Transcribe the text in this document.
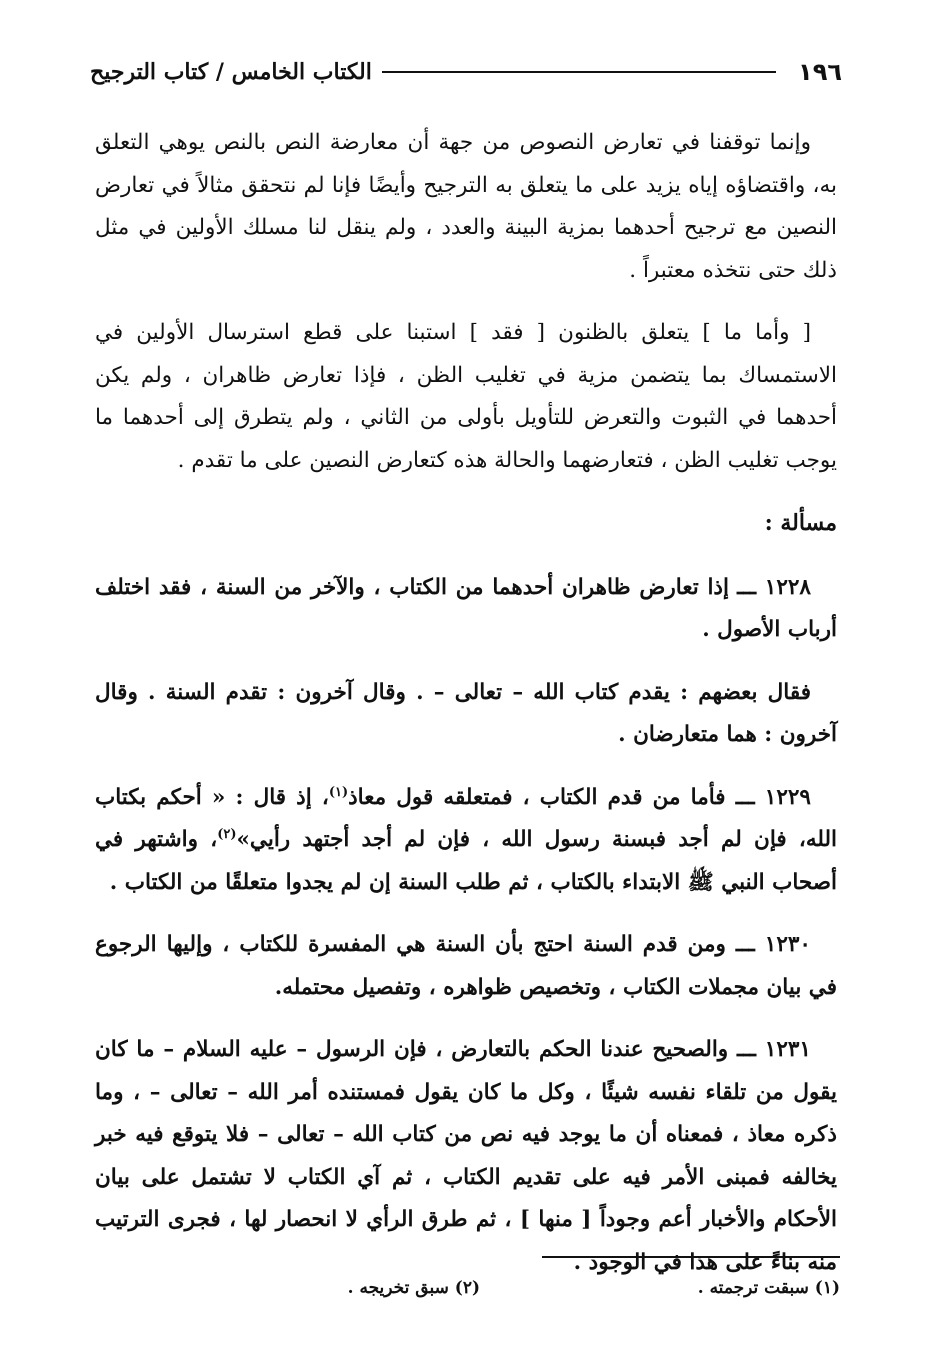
١٩٦
الكتاب الخامس / كتاب الترجيح

وإنما توقفنا في تعارض النصوص من جهة أن معارضة النص بالنص يوهي التعلق به، واقتضاؤه إياه يزيد على ما يتعلق به الترجيح وأيضًا فإنا لم نتحقق مثالاً في تعارض النصين مع ترجيح أحدهما بمزية البينة والعدد ، ولم ينقل لنا مسلك الأولين في مثل ذلك حتى نتخذه معتبراً .

[ وأما ما ] يتعلق بالظنون [ فقد ] استبنا على قطع استرسال الأولين في الاستمساك بما يتضمن مزية في تغليب الظن ، فإذا تعارض ظاهران ، ولم يكن أحدهما في الثبوت والتعرض للتأويل بأولى من الثاني ، ولم يتطرق إلى أحدهما ما يوجب تغليب الظن ، فتعارضهما والحالة هذه كتعارض النصين على ما تقدم .

مسألة :

١٢٢٨ ـــ إذا تعارض ظاهران أحدهما من الكتاب ، والآخر من السنة ، فقد اختلف أرباب الأصول .

فقال بعضهم : يقدم كتاب الله – تعالى – . وقال آخرون : تقدم السنة . وقال آخرون : هما متعارضان .

١٢٢٩ ـــ فأما من قدم الكتاب ، فمتعلقه قول معاذ$^{(١)}$، إذ قال : « أحكم بكتاب الله، فإن لم أجد فبسنة رسول الله ، فإن لم أجد أجتهد رأيي»$^{(٢)}$، واشتهر في أصحاب النبي ﷺ الابتداء بالكتاب ، ثم طلب السنة إن لم يجدوا متعلقًا من الكتاب .

١٢٣٠ ـــ ومن قدم السنة احتج بأن السنة هي المفسرة للكتاب ، وإليها الرجوع في بيان مجملات الكتاب ، وتخصيص ظواهره ، وتفصيل محتمله.

١٢٣١ ـــ والصحيح عندنا الحكم بالتعارض ، فإن الرسول – عليه السلام – ما كان يقول من تلقاء نفسه شيئًا ، وكل ما كان يقول فمستنده أمر الله – تعالى – ، وما ذكره معاذ ، فمعناه أن ما يوجد فيه نص من كتاب الله – تعالى – فلا يتوقع فيه خبر يخالفه فمبنى الأمر فيه على تقديم الكتاب ، ثم آي الكتاب لا تشتمل على بيان الأحكام والأخبار أعم وجوداً [ منها ] ، ثم طرق الرأي لا انحصار لها ، فجرى الترتيب منه بناءً على هذا في الوجود .

(١) سبقت ترجمته .
(٢) سبق تخريجه .
